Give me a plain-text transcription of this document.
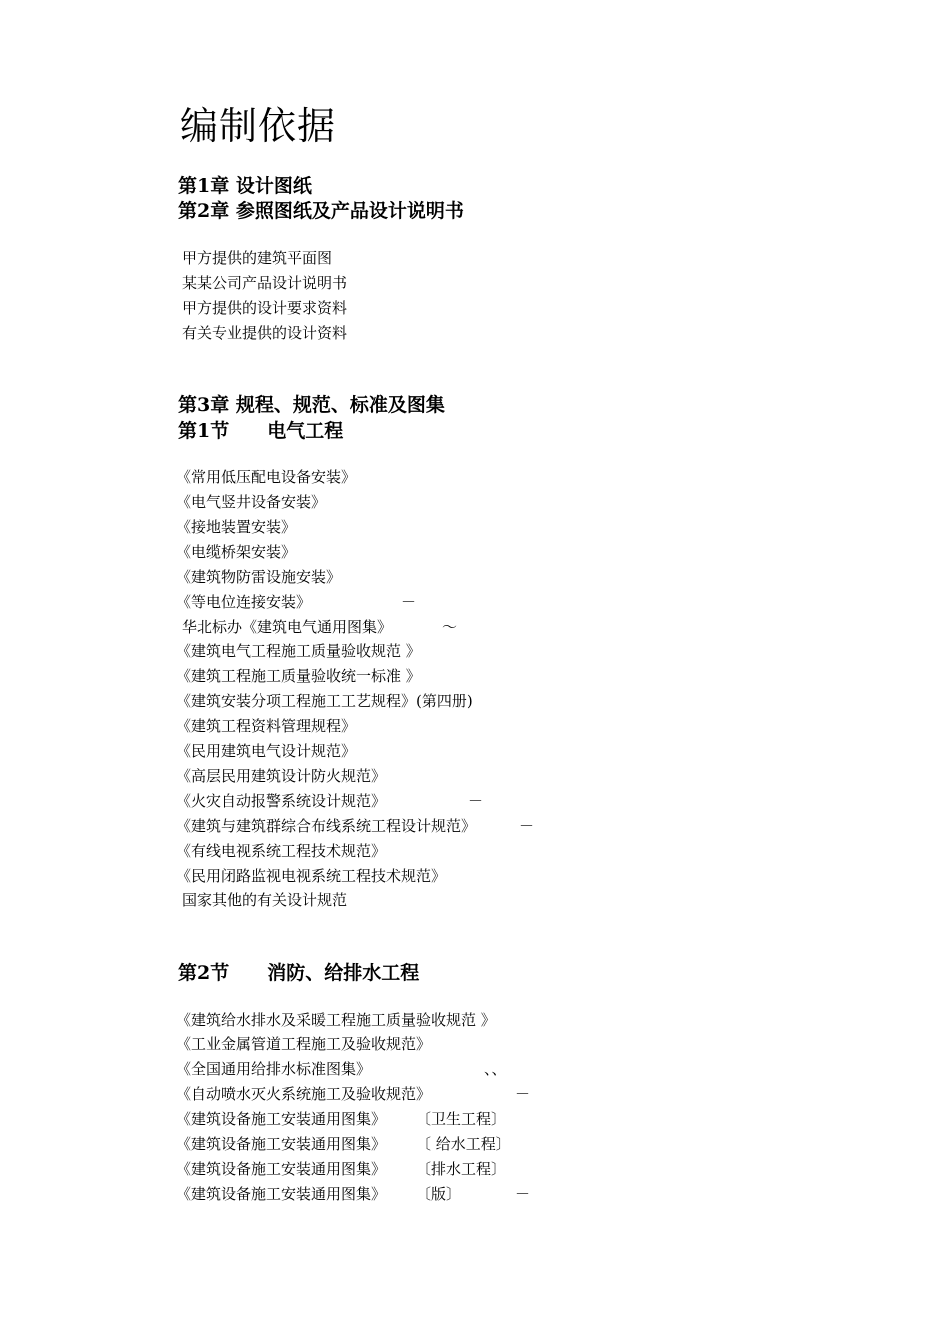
编制依据
第1章 设计图纸
第2章 参照图纸及产品设计说明书
甲方提供的建筑平面图
某某公司产品设计说明书
甲方提供的设计要求资料
有关专业提供的设计资料
第3章 规程、规范、标准及图集
第1节 电气工程
《常用低压配电设备安装》
《电气竖井设备安装》
《接地装置安装》
《电缆桥架安装》
《建筑物防雷设施安装》
《等电位连接安装》	－
华北标办《建筑电气通用图集》	～
《建筑电气工程施工质量验收规范 》
《建筑工程施工质量验收统一标准 》
《建筑安装分项工程施工工艺规程》(第四册)
《建筑工程资料管理规程》
《民用建筑电气设计规范》
《高层民用建筑设计防火规范》
《火灾自动报警系统设计规范》	－
《建筑与建筑群综合布线系统工程设计规范》	－
《有线电视系统工程技术规范》
《民用闭路监视电视系统工程技术规范》
国家其他的有关设计规范
第2节 消防、给排水工程
《建筑给水排水及采暖工程施工质量验收规范 》
《工业金属管道工程施工及验收规范》
《全国通用给排水标准图集》	、、
《自动喷水灭火系统施工及验收规范》	－
《建筑设备施工安装通用图集》 〔卫生工程〕
《建筑设备施工安装通用图集》 〔 给水工程〕
《建筑设备施工安装通用图集》 〔排水工程〕
《建筑设备施工安装通用图集》 〔版〕	－
